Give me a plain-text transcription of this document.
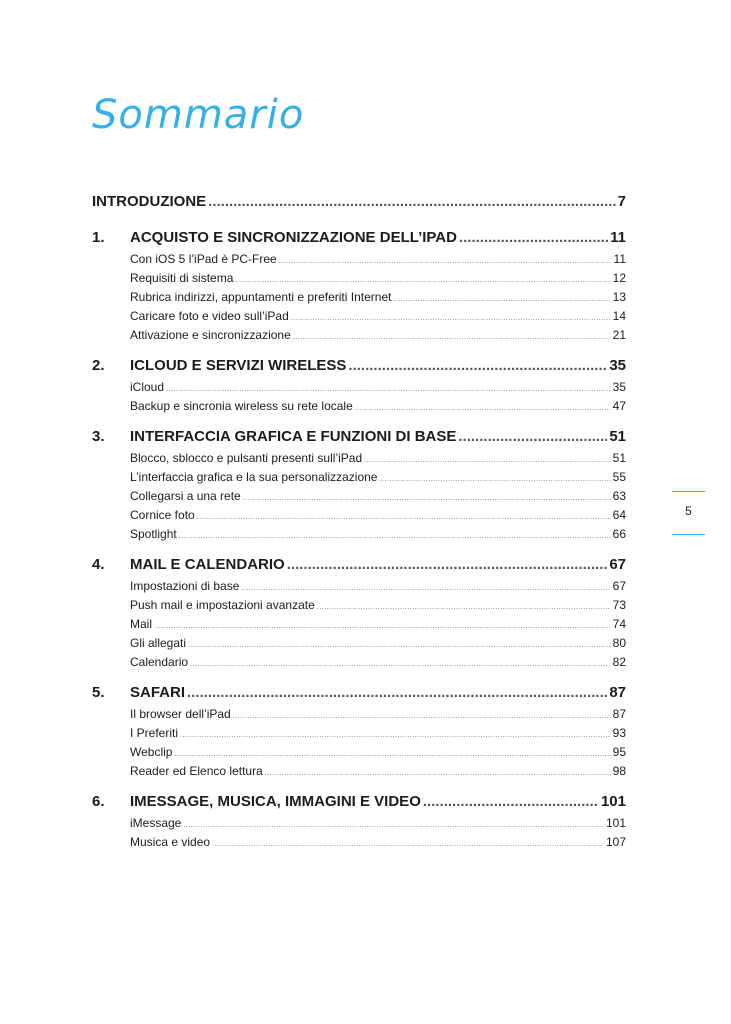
Sommario
INTRODUZIONE .....	7
1.	ACQUISTO E SINCRONIZZAZIONE DELL’IPAD .....	11
Con iOS 5 l’iPad è PC-Free .....	11
Requisiti di sistema .....	12
Rubrica indirizzi, appuntamenti e preferiti Internet .....	13
Caricare foto e video sull’iPad .....	14
Attivazione e sincronizzazione .....	21
2.	ICLOUD E SERVIZI WIRELESS .....	35
iCloud .....	35
Backup e sincronia wireless su rete locale .....	47
3.	INTERFACCIA GRAFICA E FUNZIONI DI BASE .....	51
Blocco, sblocco e pulsanti presenti sull’iPad .....	51
L’interfaccia grafica e la sua personalizzazione .....	55
Collegarsi a una rete .....	63
Cornice foto .....	64
Spotlight .....	66
4.	MAIL E CALENDARIO .....	67
Impostazioni di base .....	67
Push mail e impostazioni avanzate .....	73
Mail .....	74
Gli allegati .....	80
Calendario .....	82
5.	SAFARI .....	87
Il browser dell’iPad .....	87
I Preferiti .....	93
Webclip .....	95
Reader ed Elenco lettura .....	98
6.	IMESSAGE, MUSICA, IMMAGINI E VIDEO .....	101
iMessage .....	101
Musica e video .....	107
5
